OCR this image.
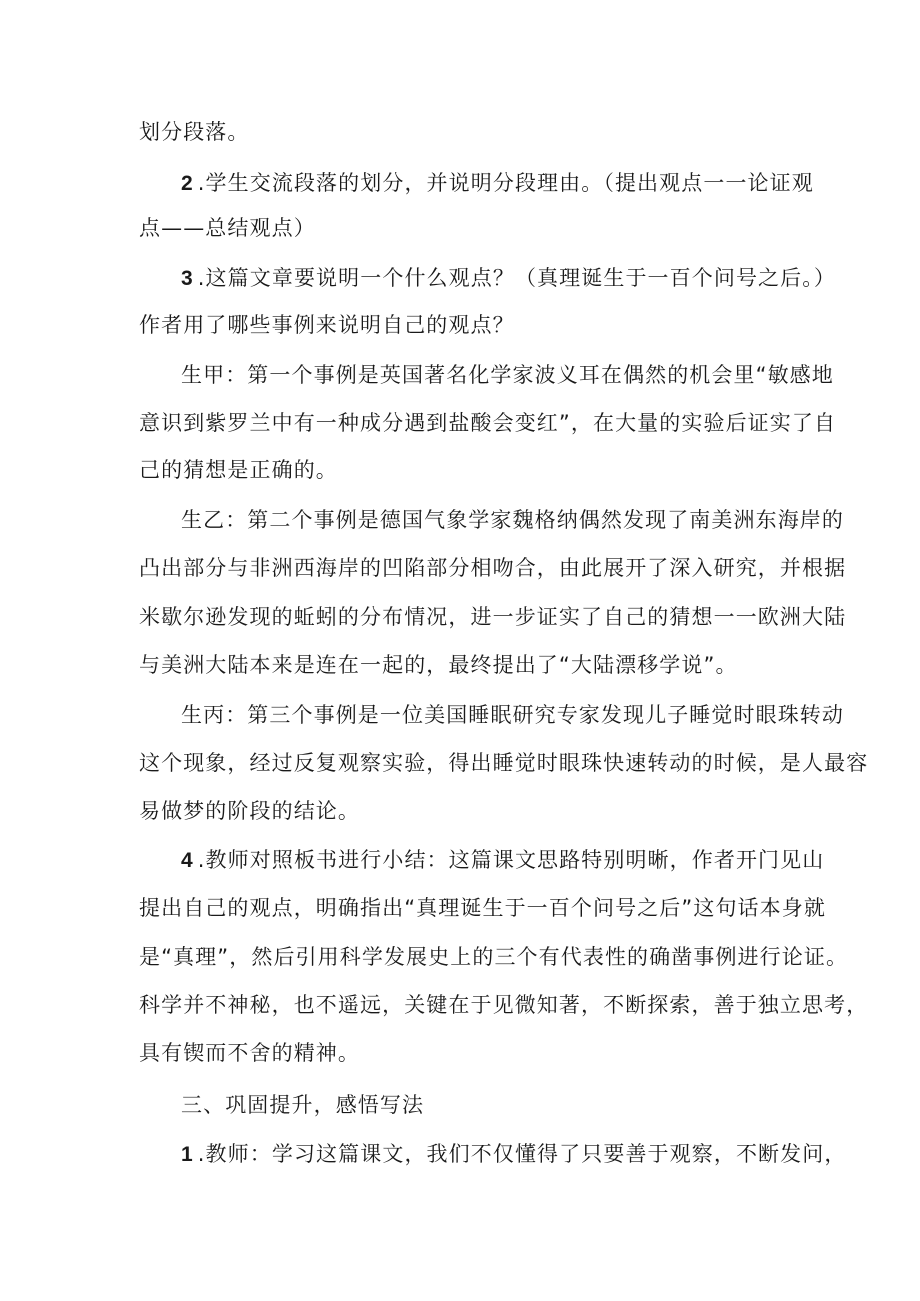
划分段落。
2 .学生交流段落的划分，并说明分段理由。（提出观点一一论证观
点——总结观点）
3 .这篇文章要说明一个什么观点？（真理诞生于一百个问号之后。）
作者用了哪些事例来说明自己的观点？
生甲：第一个事例是英国著名化学家波义耳在偶然的机会里“敏感地
意识到紫罗兰中有一种成分遇到盐酸会变红”，在大量的实验后证实了自
己的猜想是正确的。
生乙：第二个事例是德国气象学家魏格纳偶然发现了南美洲东海岸的
凸出部分与非洲西海岸的凹陷部分相吻合，由此展开了深入研究，并根据
米歇尔逊发现的蚯蚓的分布情况，进一步证实了自己的猜想一一欧洲大陆
与美洲大陆本来是连在一起的，最终提出了“大陆漂移学说”。
生丙：第三个事例是一位美国睡眠研究专家发现儿子睡觉时眼珠转动
这个现象，经过反复观察实验，得出睡觉时眼珠快速转动的时候，是人最容
易做梦的阶段的结论。
4 .教师对照板书进行小结：这篇课文思路特别明晰，作者开门见山
提出自己的观点，明确指出“真理诞生于一百个问号之后”这句话本身就
是“真理”，然后引用科学发展史上的三个有代表性的确凿事例进行论证。
科学并不神秘，也不遥远，关键在于见微知著，不断探索，善于独立思考，
具有锲而不舍的精神。
三、巩固提升，感悟写法
1 .教师：学习这篇课文，我们不仅懂得了只要善于观察，不断发问，
